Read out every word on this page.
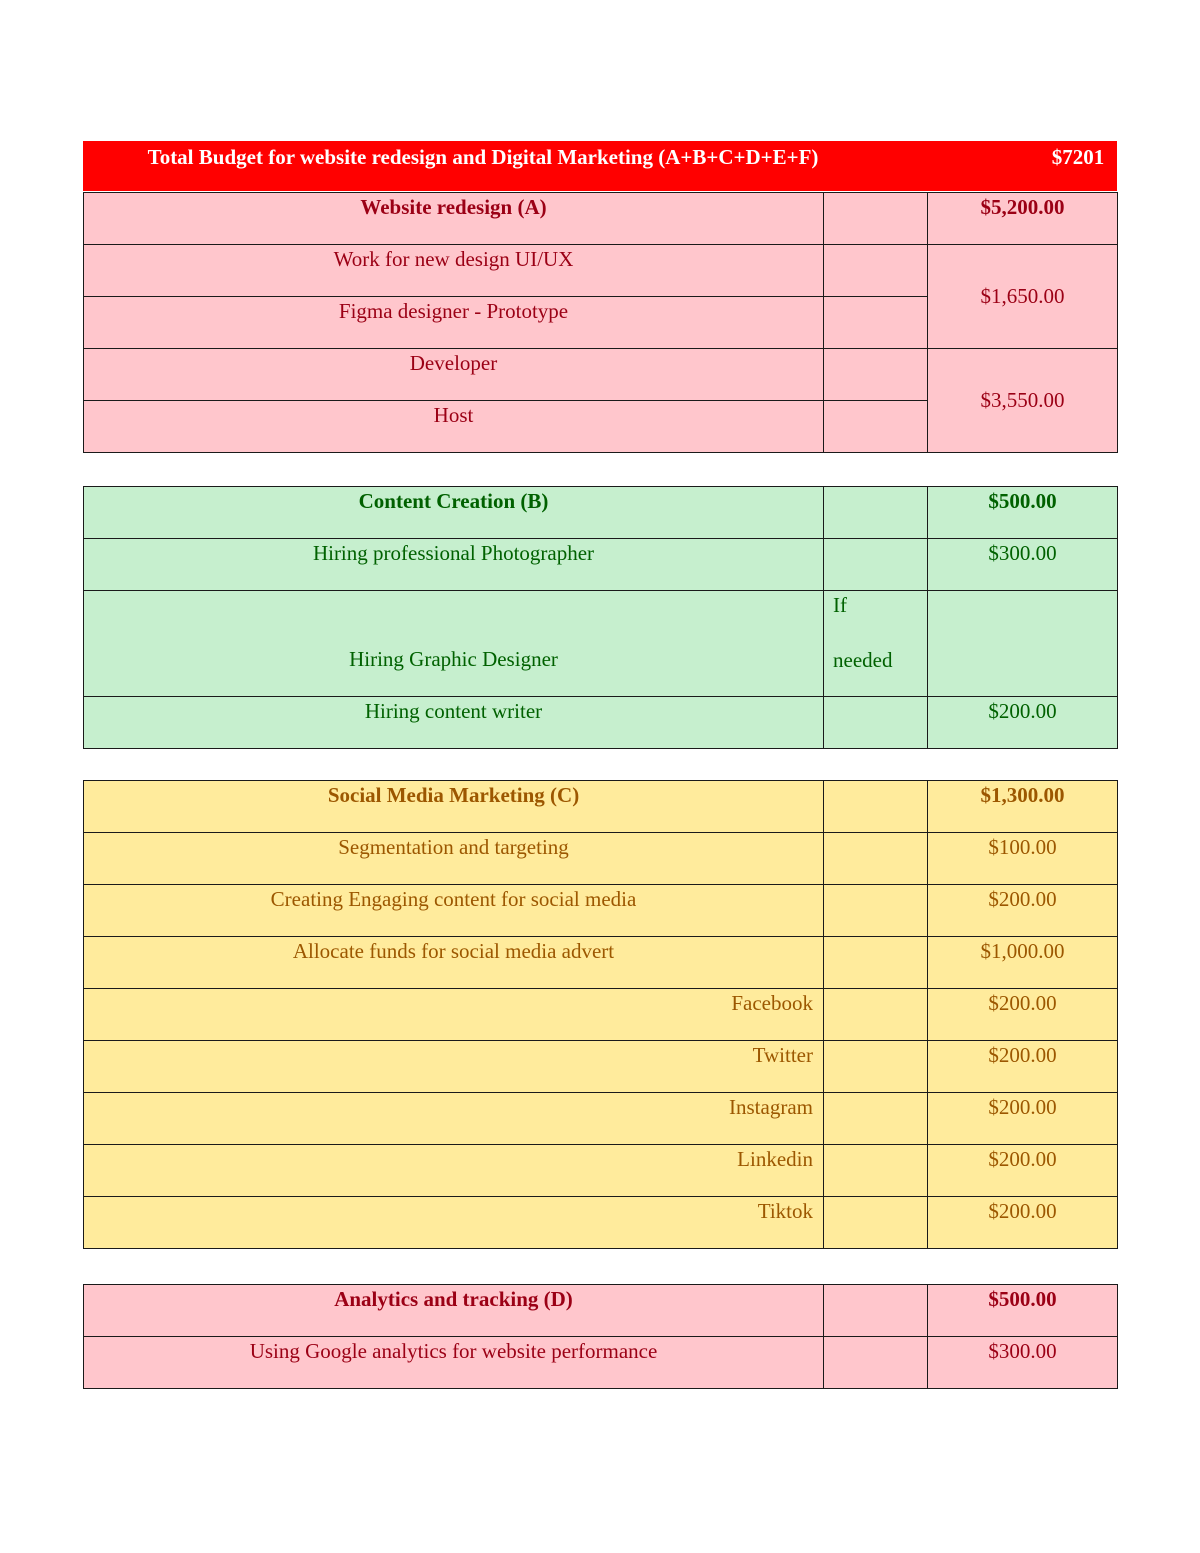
Total Budget for website redesign and Digital Marketing (A+B+C+D+E+F)	$7201
Website redesign (A)		$5,200.00

Work for new design UI/UX		$1,650.00

Figma designer - Prototype		

Developer		$3,550.00

Host		

Content Creation (B)		$500.00

Hiring professional Photographer		$300.00

Hiring Graphic Designer	If
needed	

Hiring content writer		$200.00
Social Media Marketing (C)		$1,300.00

Segmentation and targeting		$100.00

Creating Engaging content for social media		$200.00

Allocate funds for social media advert		$1,000.00

Facebook		$200.00

Twitter		$200.00

Instagram		$200.00

Linkedin		$200.00

Tiktok		$200.00
Analytics and tracking (D)		$500.00

Using Google analytics for website performance		$300.00
